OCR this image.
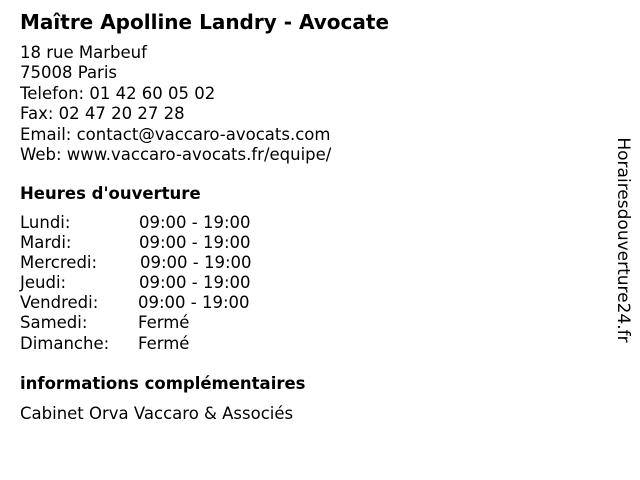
Maître Apolline Landry - Avocate
18 rue Marbeuf
75008 Paris
Telefon: 01 42 60 05 02
Fax: 02 47 20 27 28
Email: contact@vaccaro-avocats.com
Web: www.vaccaro-avocats.fr/equipe/
Heures d'ouverture
Lundi:	09:00 - 19:00
Mardi:	09:00 - 19:00
Mercredi:	09:00 - 19:00
Jeudi:	09:00 - 19:00
Vendredi: 09:00 - 19:00
Samedi:	Fermé
Dimanche: Fermé
informations complémentaires
Cabinet Orva Vaccaro & Associés
Horairesdouverture24.fr
